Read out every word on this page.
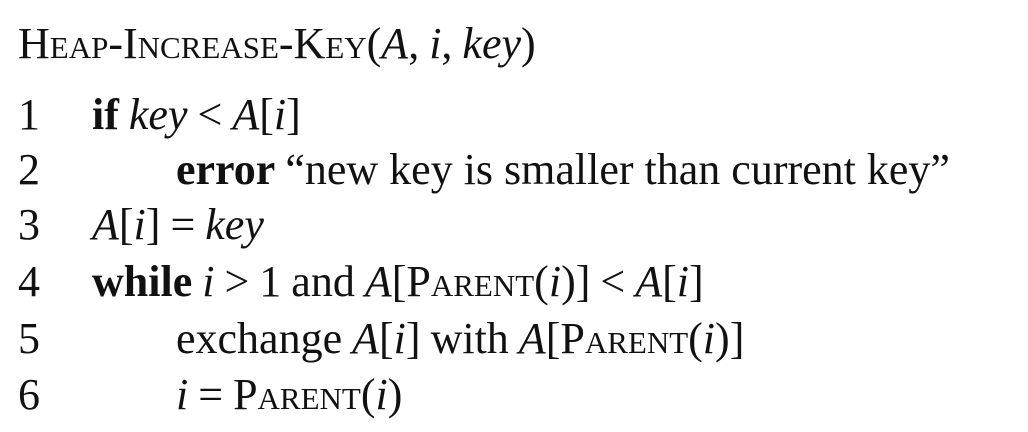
Heap-Increase-Key(A, i, key)
1	if key < A[i]
2	error “new key is smaller than current key”
3	A[i] = key
4	while i > 1 and A[Parent(i)] < A[i]
5	exchange A[i] with A[Parent(i)]
6	i = Parent(i)
